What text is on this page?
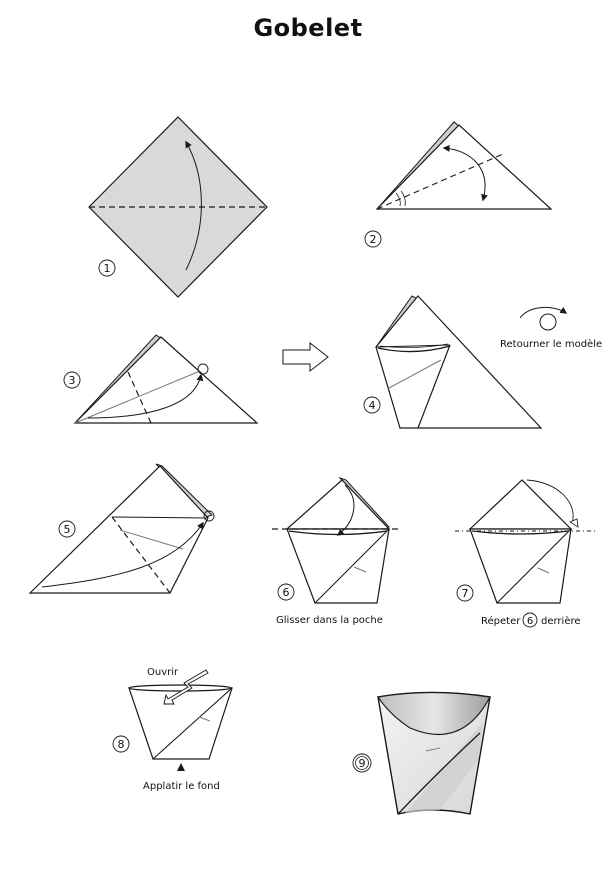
Gobelet
1
2
3
4
Retourner le modèle
5
6
Glisser dans la poche
7
Répeter 6 derrière
Ouvrir
Applatir le fond
8
9
